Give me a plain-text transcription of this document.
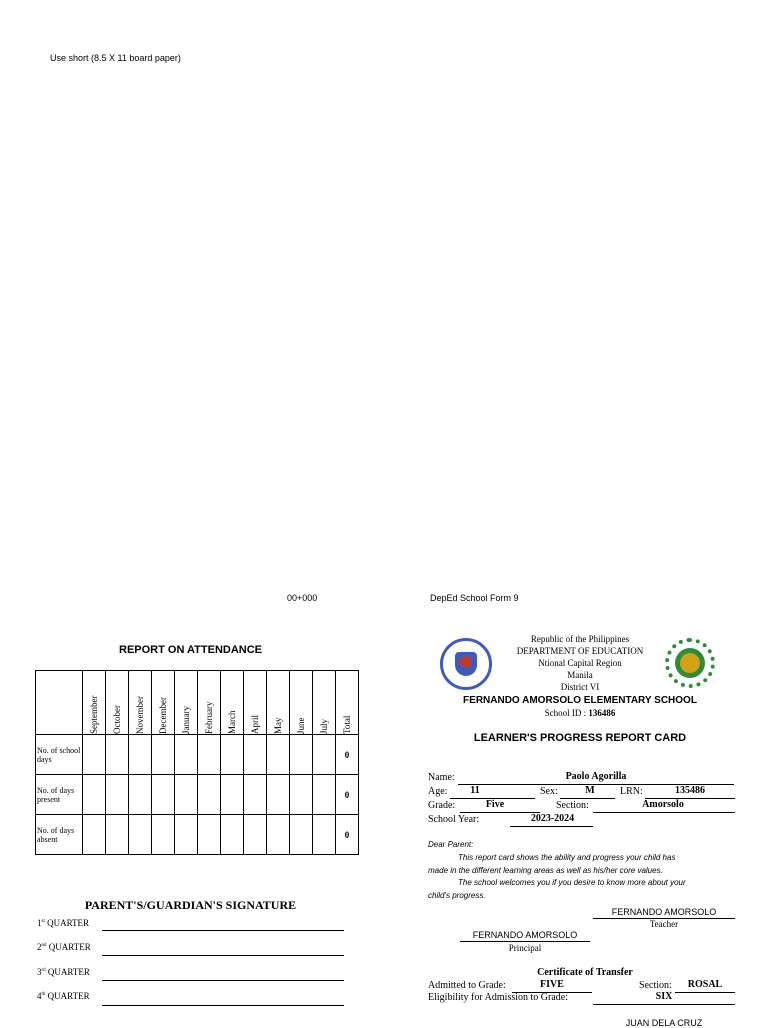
Use short (8.5 X 11 board paper)
00+000	DepEd School Form 9
REPORT ON ATTENDANCE

	September	October	November	December	January	February	March	April	May	June	July	Total

No. of school days												0
No. of days present												0
No. of days absent												0
PARENT'S/GUARDIAN'S SIGNATURE
1st QUARTER
2nd QUARTER
3rd QUARTER
4th QUARTER
Republic of the Philippines
DEPARTMENT OF EDUCATION
Ntional Capital Region
Manila
District VI
FERNANDO AMORSOLO ELEMENTARY SCHOOL
School ID : 136486
LEARNER'S PROGRESS REPORT CARD
Name:	Paolo Agorilla
Age:	11	Sex:	M	LRN:	135486
Grade:	Five	Section:	Amorsolo
School Year:	2023-2024
Dear Parent:
This report card shows the ability and progress your child has
made in the different learning areas as well as his/her core values.
The school welcomes you if you desire to know more about your
child's progress.
FERNANDO AMORSOLO
Teacher
FERNANDO AMORSOLO
Principal
Certificate of Transfer
Admitted to Grade:	FIVE	Section:	ROSAL
Eligibility for Admission to Grade:	SIX
JUAN DELA CRUZ
